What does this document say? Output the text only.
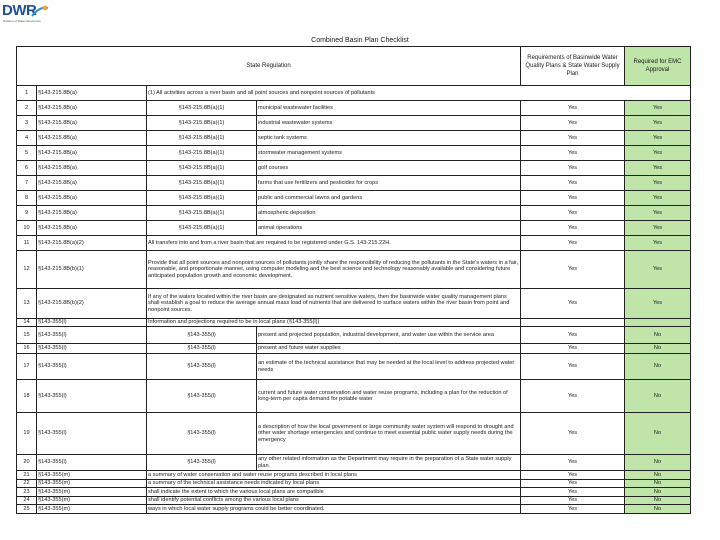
DWR
Division of Water Resources
Combined Basin Plan Checklist
State Regulation				Requirements of Basinwide Water Quality Plans & State Water Supply Plan	Required for EMC Approval
1	§143-215.8B(a)	(1) All activities across a river basin and all point sources and nonpoint sources of pollutants			
2	§143-215.8B(a)	§143-215.8B(a)(1)	municipal wastewater facilities	Yes	Yes
3	§143-215.8B(a)	§143-215.8B(a)(1)	industrial wastewater systems	Yes	Yes
4	§143-215.8B(a)	§143-215.8B(a)(1)	septic tank systems	Yes	Yes
5	§143-215.8B(a)	§143-215.8B(a)(1)	stormwater management systems	Yes	Yes
6	§143-215.8B(a)	§143-215.8B(a)(1)	golf courses	Yes	Yes
7	§143-215.8B(a)	§143-215.8B(a)(1)	farms that use fertilizers and pesticides for crops	Yes	Yes
8	§143-215.8B(a)	§143-215.8B(a)(1)	public and commercial lawns and gardens	Yes	Yes
9	§143-215.8B(a)	§143-215.8B(a)(1)	atmospheric deposition	Yes	Yes
10	§143-215.8B(a)	§143-215.8B(a)(1)	animal operations	Yes	Yes
11	§143-215.8B(a)(2)	All transfers into and from a river basin that are required to be registered under G.S. 143-215.22H.		Yes	Yes
12	§143-215.8B(b)(1)	Provide that all point sources and nonpoint sources of pollutants jointly share the responsibility of reducing the pollutants in the State's waters in a fair, reasonable, and proportionate manner, using computer modeling and the best science and technology reasonably available and considering future anticipated population growth and economic development.		Yes	Yes
13	§143-215.8B(b)(2)	If any of the waters located within the river basin are designated as nutrient sensitive waters, then the basinwide water quality management plans shall establish a goal to reduce the average annual mass load of nutrients that are delivered to surface waters within the river basin from point and nonpoint sources.		Yes	Yes
14	§143-355(l)	Information and projections required to be in local plans (§143-355(l))			
15	§143-355(l)	§143-355(l)	present and projected population, industrial development, and water use within the service area	Yes	No
16	§143-355(l)	§143-355(l)	present and future water supplies	Yes	No
17	§143-355(l)	§143-355(l)	an estimate of the technical assistance that may be needed at the local level to address projected water needs	Yes	No
18	§143-355(l)	§143-355(l)	current and future water conservation and water reuse programs, including a plan for the reduction of long-term per capita demand for potable water	Yes	No
19	§143-355(l)	§143-355(l)	a description of how the local government or large community water system will respond to drought and other water shortage emergencies and continue to meet essential public water supply needs during the emergency	Yes	No
20	§143-355(l)	§143-355(l)	any other related information as the Department may require in the preparation of a State water supply plan.	Yes	No
21	§143-355(m)	a summary of water conservation and water reuse programs described in local plans		Yes	No
22	§143-355(m)	a summary of the technical assistance needs indicated by local plans		Yes	No
23	§143-355(m)	shall indicate the extent to which the various local plans are compatible		Yes	No
24	§143-355(m)	shall identify potential conflicts among the various local plans		Yes	No
25	§143-355(m)	ways in which local water supply programs could be better coordinated.		Yes	No
